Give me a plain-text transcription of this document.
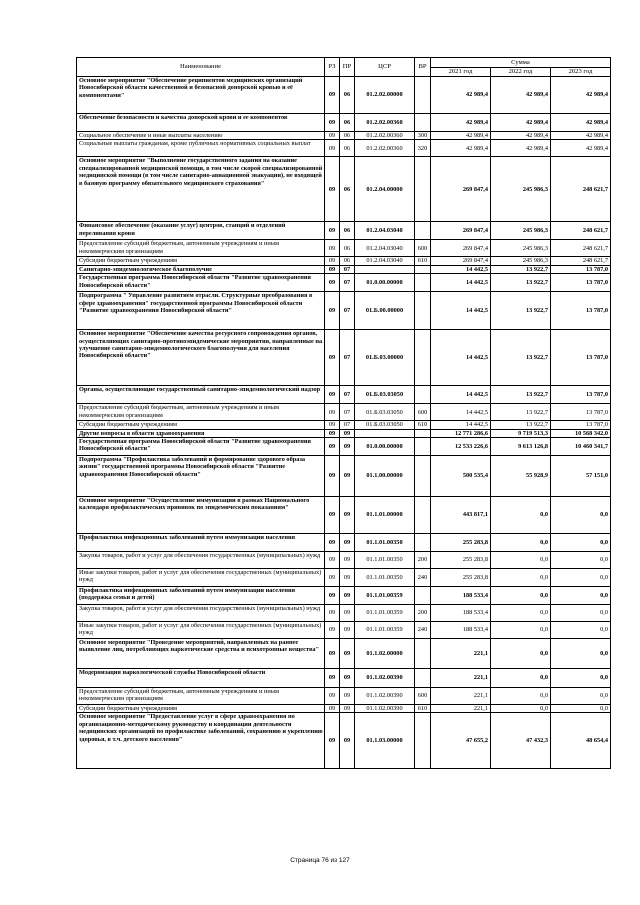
Наименование	РЗ	ПР	ЦСР	ВР	Сумма		
					2021 год	2022 год	2023 год
Основное мероприятие "Обеспечение реципиентов медицинских организаций Новосибирской области качественной и безопасной донорской кровью и её компонентами"	09	06	01.2.02.00000		42 989,4	42 989,4	42 989,4
Обеспечение безопасности и качества донорской крови и ее компонентов	09	06	01.2.02.00360		42 989,4	42 989,4	42 989,4
Социальное обеспечение и иные выплаты населению	09	06	01.2.02.00360	300	42 989,4	42 989,4	42 989,4
Социальные выплаты гражданам, кроме публичных нормативных социальных выплат	09	06	01.2.02.00360	320	42 989,4	42 989,4	42 989,4
Основное мероприятие "Выполнение государственного задания на оказание специализированной медицинской помощи, в том числе скорой специализированной медицинской помощи (в том числе санитарно-авиационной эвакуации), не входящей в базовую программу обязательного медицинского страхования"	09	06	01.2.04.00000		269 847,4	245 986,3	248 621,7
Финансовое обеспечение (оказание услуг) центров, станций и отделений переливания крови	09	06	01.2.04.03040		269 847,4	245 986,3	248 621,7
Предоставление субсидий бюджетным, автономным учреждениям и иным некоммерческим организациям	09	06	01.2.04.03040	600	269 847,4	245 986,3	248 621,7
Субсидии бюджетным учреждениям	09	06	01.2.04.03040	610	269 847,4	245 986,3	248 621,7
Санитарно-эпидемиологическое благополучие	09	07			14 442,5	13 922,7	13 787,0
Государственная программа Новосибирской области "Развитие здравоохранения Новосибирской области"	09	07	01.0.00.00000		14 442,5	13 922,7	13 787,0
Подпрограмма " Управление развитием отрасли. Структурные преобразования в сфере здравоохранения" государственной программы Новосибирской области "Развитие здравоохранения Новосибирской области"	09	07	01.Б.00.00000		14 442,5	13 922,7	13 787,0
Основное мероприятие "Обеспечение качества ресурсного сопровождения органов, осуществляющих санитарно-противоэпидемические мероприятия, направленные на улучшение санитарно-эпидемиологического благополучия для населения Новосибирской области"	09	07	01.Б.03.00000		14 442,5	13 922,7	13 787,0
Органы, осуществляющие государственный санитарно-эпидемиологический надзор	09	07	01.Б.03.03050		14 442,5	13 922,7	13 787,0
Предоставление субсидий бюджетным, автономным учреждениям и иным некоммерческим организациям	09	07	01.Б.03.03050	600	14 442,5	13 922,7	13 787,0
Субсидии бюджетным учреждениям	09	07	01.Б.03.03050	610	14 442,5	13 922,7	13 787,0
Другие вопросы в области здравоохранения	09	09			12 771 286,6	9 719 513,3	10 568 342,0
Государственная программа Новосибирской области "Развитие здравоохранения Новосибирской области"	09	09	01.0.00.00000		12 533 226,6	9 613 126,8	10 460 341,7
Подпрограмма "Профилактика заболеваний и формирование здорового образа жизни" государственной программы Новосибирской области "Развитие здравоохранения Новосибирской области"	09	09	01.1.00.00000		500 535,4	55 928,9	57 151,0
Основное мероприятие "Осуществление иммунизации в рамках Национального календаря профилактических прививок по эпидемическим показаниям"	09	09	01.1.01.00000		443 817,1	0,0	0,0
Профилактика инфекционных заболеваний путем иммунизации населения	09	09	01.1.01.00350		255 283,8	0,0	0,0
Закупка товаров, работ и услуг для обеспечения государственных (муниципальных) нужд	09	09	01.1.01.00350	200	255 283,8	0,0	0,0
Иные закупки товаров, работ и услуг для обеспечения государственных (муниципальных) нужд	09	09	01.1.01.00350	240	255 283,8	0,0	0,0
Профилактика инфекционных заболеваний путем иммунизации населения (поддержка семьи и детей)	09	09	01.1.01.00359		188 533,4	0,0	0,0
Закупка товаров, работ и услуг для обеспечения государственных (муниципальных) нужд	09	09	01.1.01.00359	200	188 533,4	0,0	0,0
Иные закупки товаров, работ и услуг для обеспечения государственных (муниципальных) нужд	09	09	01.1.01.00359	240	188 533,4	0,0	0,0
Основное мероприятие "Проведение мероприятий, направленных на раннее выявление лиц, потребляющих наркотические средства и психотропные вещества"	09	09	01.1.02.00000		221,1	0,0	0,0
Модернизация наркологической службы Новосибирской области	09	09	01.1.02.00390		221,1	0,0	0,0
Предоставление субсидий бюджетным, автономным учреждениям и иным некоммерческим организациям	09	09	01.1.02.00390	600	221,1	0,0	0,0
Субсидии бюджетным учреждениям	09	09	01.1.02.00390	610	221,1	0,0	0,0
Основное мероприятие "Предоставление услуг в сфере здравоохранения по организационно-методическому руководству и координации деятельности медицинских организаций по профилактике заболеваний, сохранению и укреплению здоровья, в т.ч. детского населения"	09	09	01.1.03.00000		47 655,2	47 432,3	48 654,4
Страница 76 из 127
